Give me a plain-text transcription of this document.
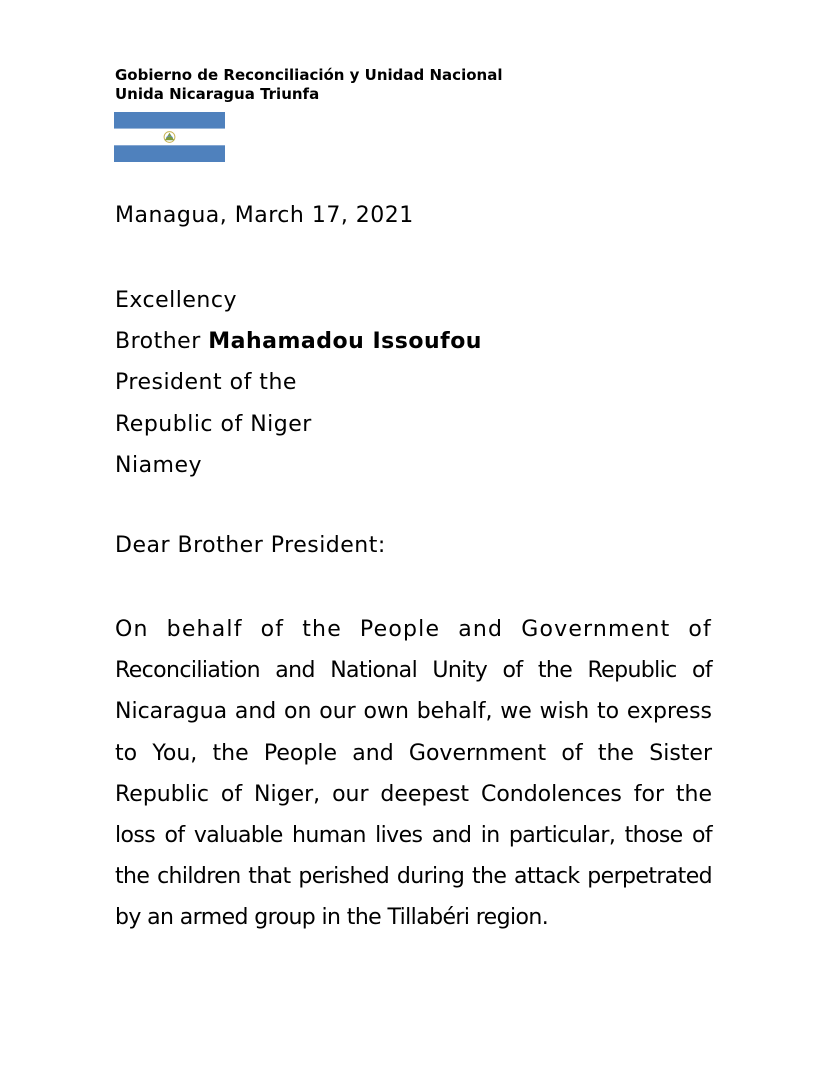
Gobierno de Reconciliación y Unidad Nacional
Unida Nicaragua Triunfa
Managua, March 17, 2021
Excellency
Brother Mahamadou Issoufou
President of the
Republic of Niger
Niamey
Dear Brother President:
On behalf of the People and Government of
Reconciliation and National Unity of the Republic of
Nicaragua and on our own behalf, we wish to express
to You, the People and Government of the Sister
Republic of Niger, our deepest Condolences for the
loss of valuable human lives and in particular, those of
the children that perished during the attack perpetrated
by an armed group in the Tillabéri region.
